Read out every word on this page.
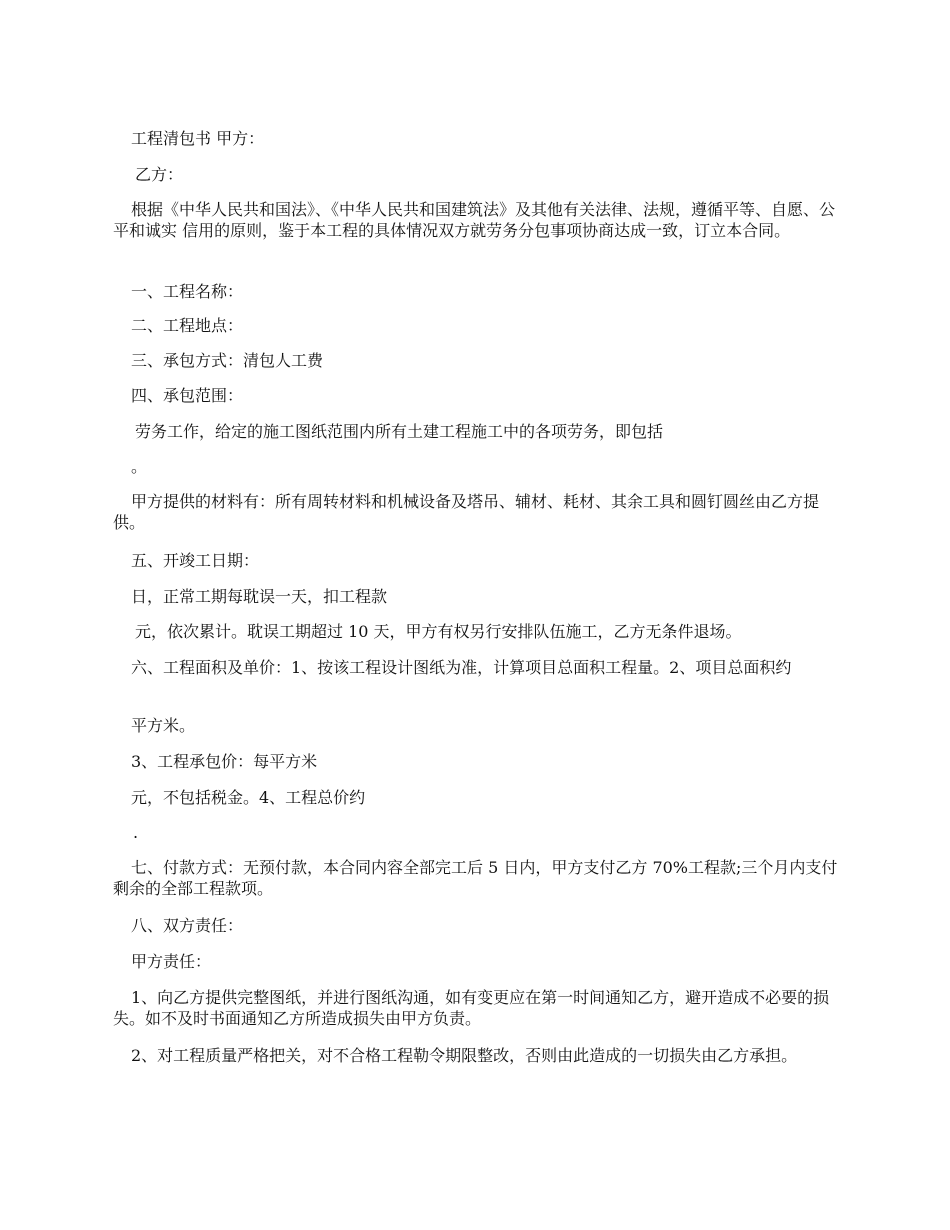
工程清包书 甲方：

乙方：

根据《中华人民共和国法》、《中华人民共和国建筑法》及其他有关法律、法规，遵循平等、自愿、公平和诚实 信用的原则，鉴于本工程的具体情况双方就劳务分包事项协商达成一致，订立本合同。

一、工程名称：

二、工程地点：

三、承包方式：清包人工费

四、承包范围：

劳务工作，给定的施工图纸范围内所有土建工程施工中的各项劳务，即包括

。

甲方提供的材料有：所有周转材料和机械设备及塔吊、辅材、耗材、其余工具和圆钉圆丝由乙方提供。

五、开竣工日期：

日，正常工期每耽误一天，扣工程款

元，依次累计。耽误工期超过 10 天，甲方有权另行安排队伍施工，乙方无条件退场。

六、工程面积及单价：1、按该工程设计图纸为准，计算项目总面积工程量。2、项目总面积约

平方米。

3、工程承包价：每平方米

元，不包括税金。4、工程总价约

.

七、付款方式：无预付款，本合同内容全部完工后 5 日内，甲方支付乙方 70%工程款;三个月内支付剩余的全部工程款项。

八、双方责任：

甲方责任：

1、向乙方提供完整图纸，并进行图纸沟通，如有变更应在第一时间通知乙方，避开造成不必要的损失。如不及时书面通知乙方所造成损失由甲方负责。

2、对工程质量严格把关，对不合格工程勒令期限整改，否则由此造成的一切损失由乙方承担。
